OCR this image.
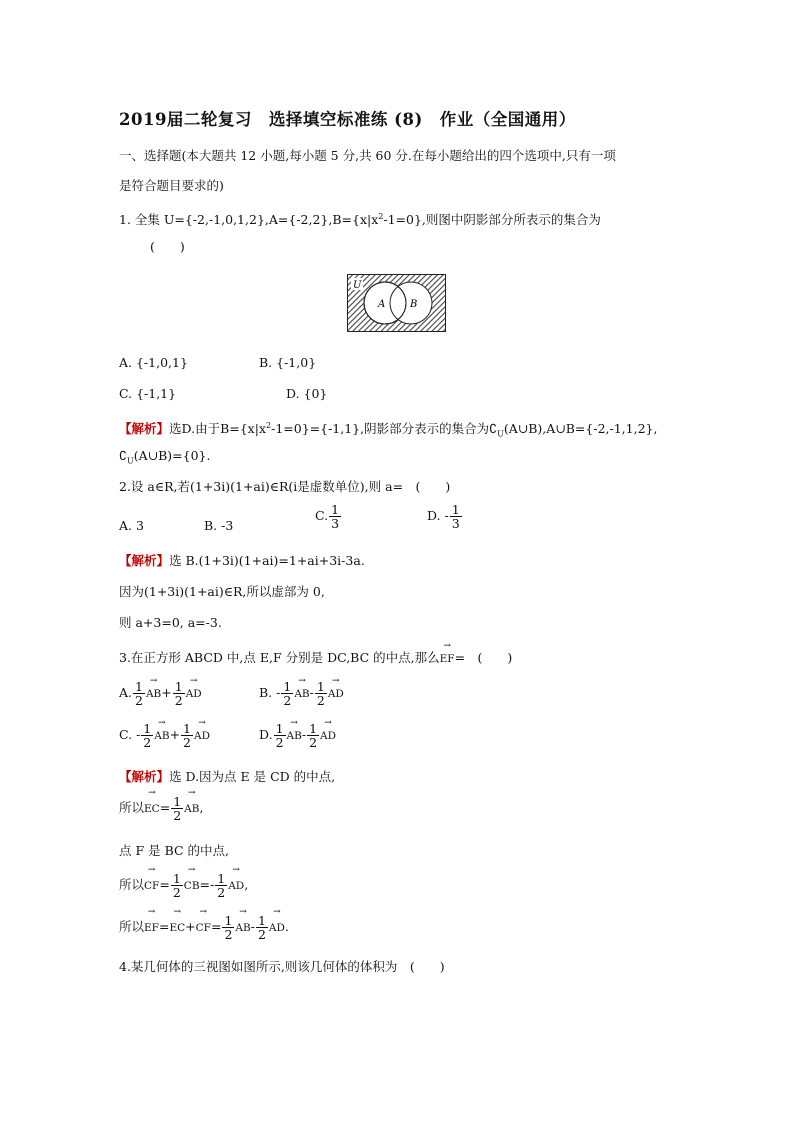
2019届二轮复习　选择填空标准练 (8)　作业（全国通用）
一、选择题(本大题共 12 小题,每小题 5 分,共 60 分.在每小题给出的四个选项中,只有一项
是符合题目要求的)
1. 全集 $U=\{-2,-1,0,1,2\},A=\{-2,2\},B=\{x|x^2-1=0\}$,则图中阴影部分所表示的集合为
(　　)
U
A B
A. {-1,0,1}	B. {-1,0}
C. {-1,1}	D. {0}
【解析】选D.由于$B=\{x|x^2-1=0\}=\{-1,1\}$,阴影部分表示的集合为$∁_U(A\cup B),A\cup B=\{-2,-1,1,2\}$,
$∁_U(A\cup B)=\{0\}$.
2.设 a∈R,若(1+3i)(1+ai)∈R(i是虚数单位),则 a=　(　　)
A. 3	B. -3
C. $\frac{1}{3}$	D. - $\frac{1}{3}$
【解析】选 B.(1+3i)(1+ai)=1+ai+3i-3a.
因为(1+3i)(1+ai)∈R,所以虚部为 0,
则 a+3=0, a=-3.
3.在正方形 ABCD 中,点 E,F 分别是 DC,BC 的中点,那么
→
EF=　(　　)
A. $\frac{1}{2}$ →
$AB+ \frac{1}{2}$ →
AD	B. - $\frac{1}{2}$ →
$AB- \frac{1}{2}$ →
AD
C. - $\frac{1}{2}$ →
$AB+ \frac{1}{2}$ →
AD	D. $\frac{1}{2}$ →
$AB- \frac{1}{2}$ →
AD
【解析】选 D.因为点 E 是 CD 的中点,
所以
→
$EC= \frac{1}{2}$
→
AB,
点 F 是 BC 的中点,
所以
→
$CF= \frac{1}{2}$
→
$CB=- \frac{1}{2}$
→
AD,
所以
→
EF=
→
EC+
→
$CF= \frac{1}{2}$
→
$AB- \frac{1}{2}$
→
AD.
4.某几何体的三视图如图所示,则该几何体的体积为　(　　)
